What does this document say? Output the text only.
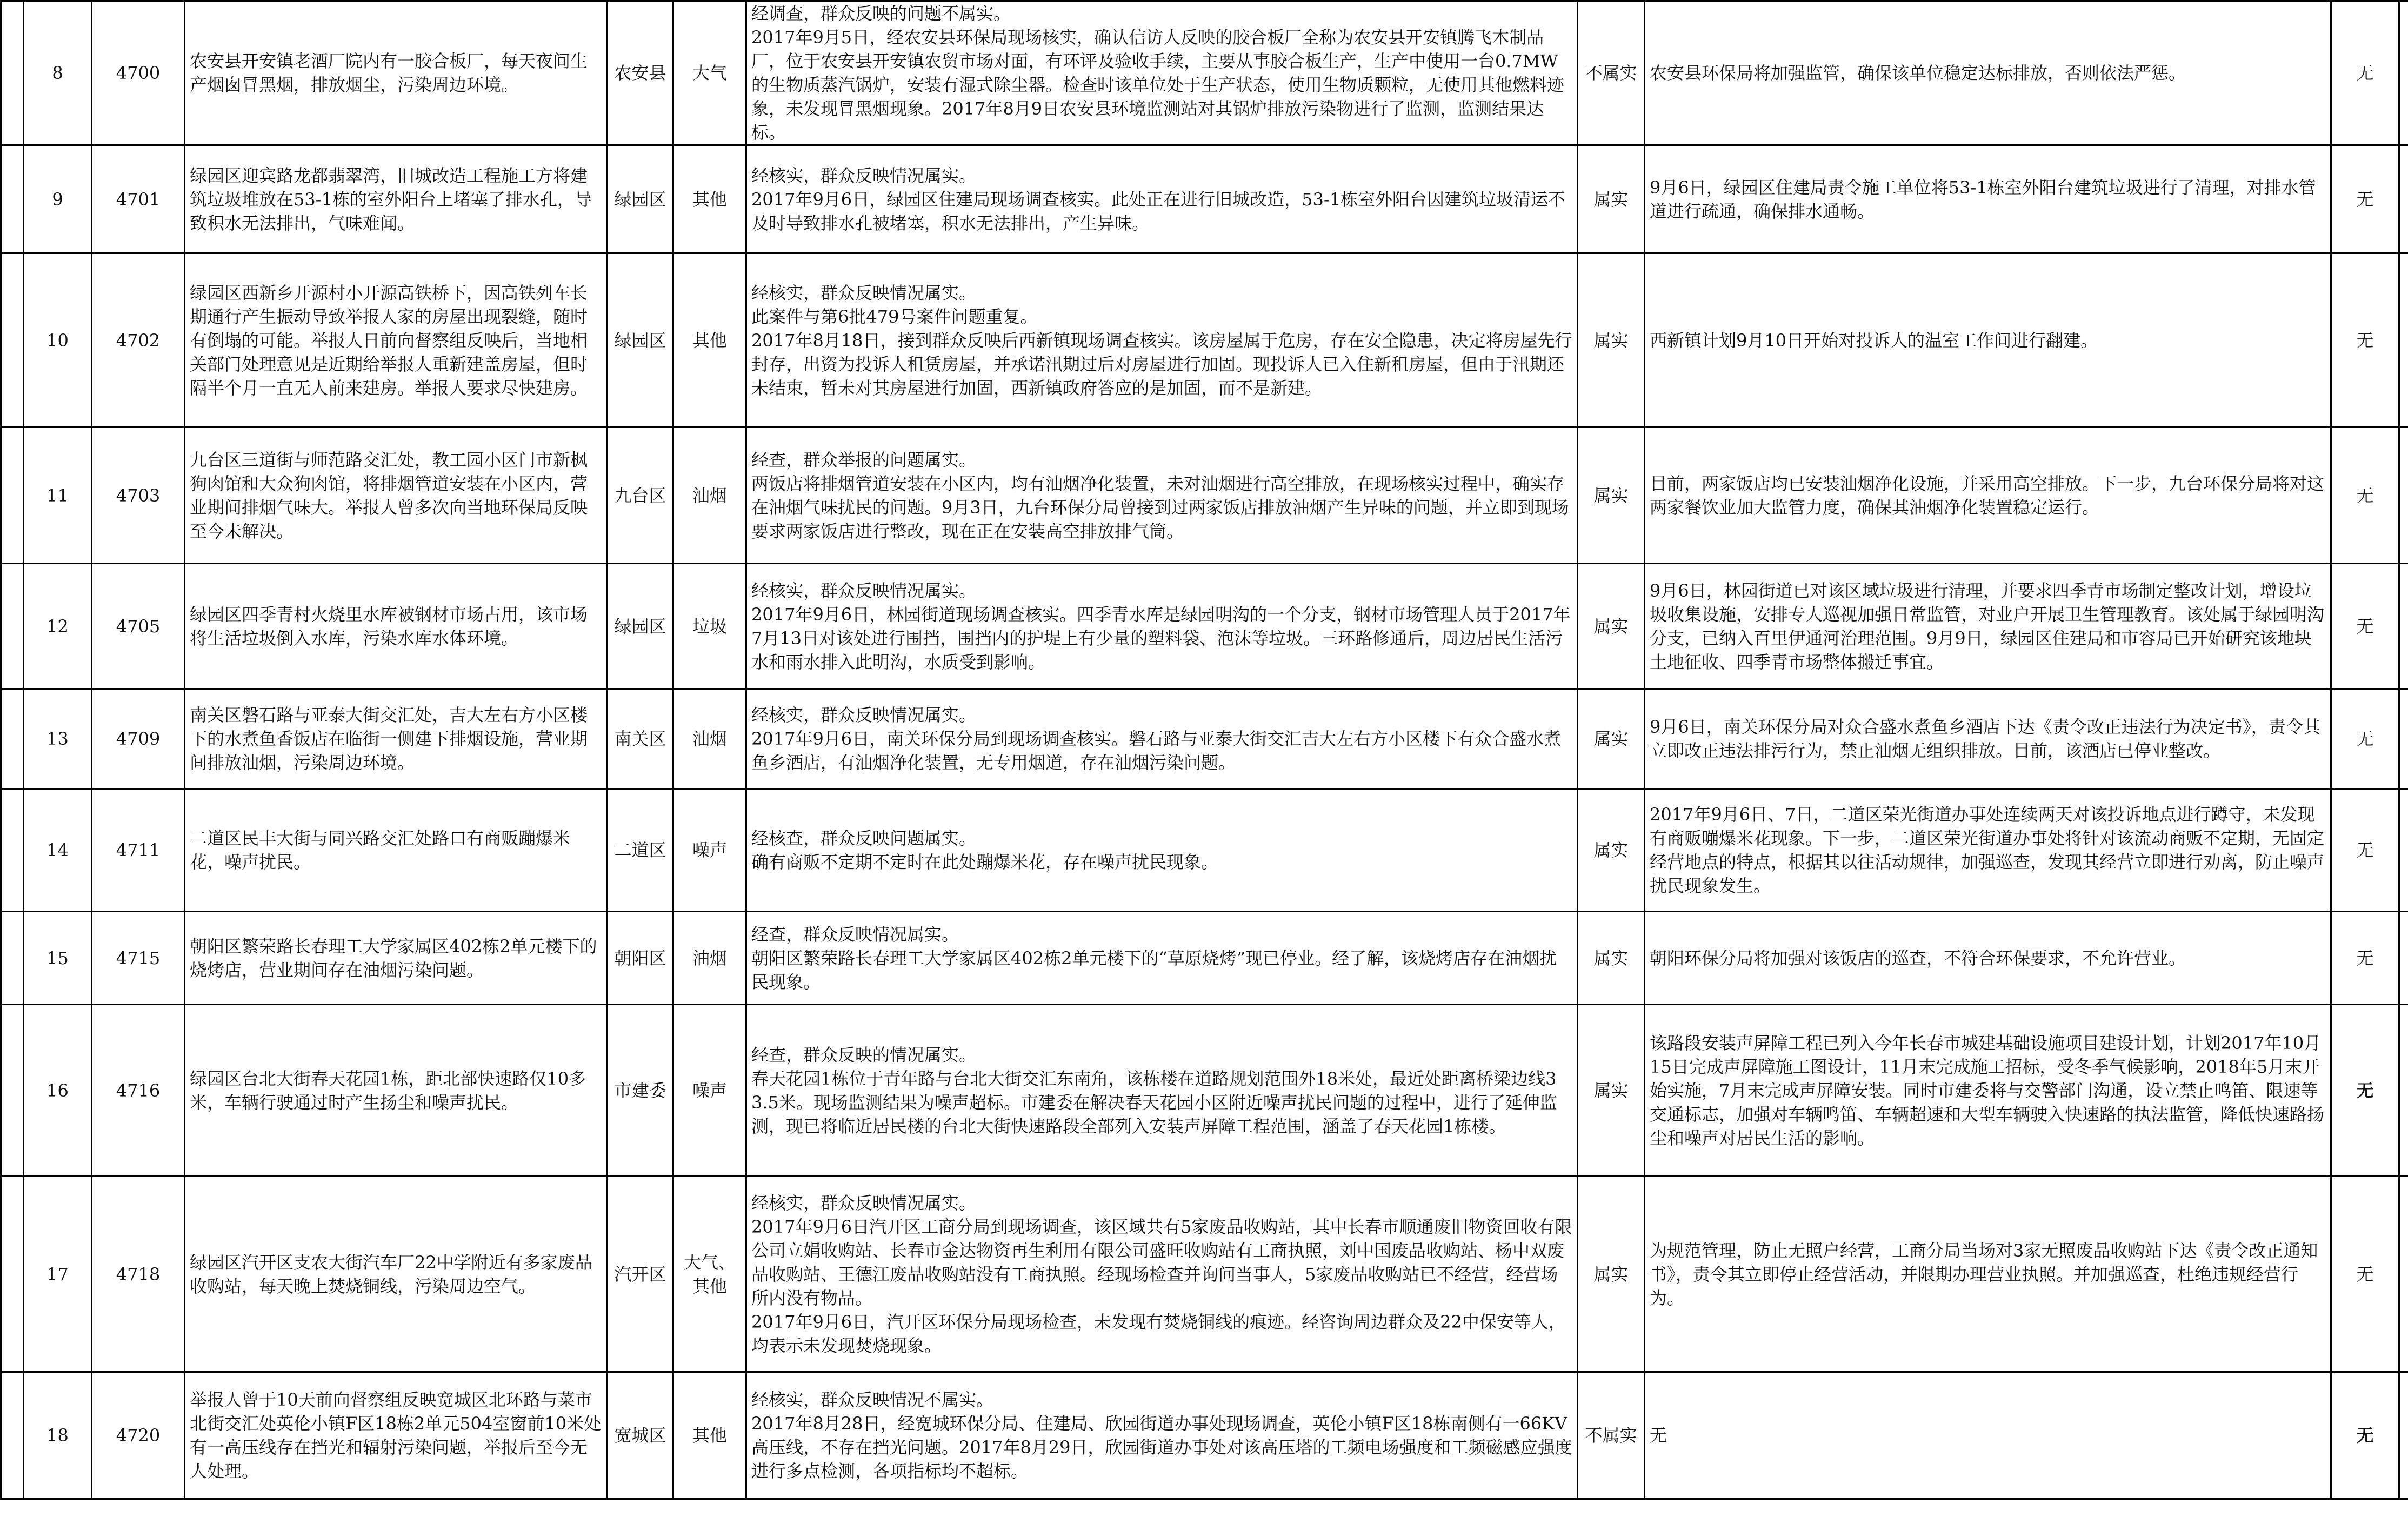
	8	4700	农安县开安镇老酒厂院内有一胶合板厂，每天夜间生产烟囱冒黑烟，排放烟尘，污染周边环境。	农安县	大气	经调查，群众反映的问题不属实。
2017年9月5日，经农安县环保局现场核实，确认信访人反映的胶合板厂全称为农安县开安镇腾飞木制品厂，位于农安县开安镇农贸市场对面，有环评及验收手续，主要从事胶合板生产，生产中使用一台0.7MW的生物质蒸汽锅炉，安装有湿式除尘器。检查时该单位处于生产状态，使用生物质颗粒，无使用其他燃料迹象，未发现冒黑烟现象。2017年8月9日农安县环境监测站对其锅炉排放污染物进行了监测，监测结果达标。	不属实	农安县环保局将加强监管，确保该单位稳定达标排放，否则依法严惩。	无	
	9	4701	绿园区迎宾路龙都翡翠湾，旧城改造工程施工方将建筑垃圾堆放在53-1栋的室外阳台上堵塞了排水孔，导致积水无法排出，气味难闻。	绿园区	其他	经核实，群众反映情况属实。
2017年9月6日，绿园区住建局现场调查核实。此处正在进行旧城改造，53-1栋室外阳台因建筑垃圾清运不及时导致排水孔被堵塞，积水无法排出，产生异味。	属实	9月6日，绿园区住建局责令施工单位将53-1栋室外阳台建筑垃圾进行了清理，对排水管道进行疏通，确保排水通畅。	无	
	10	4702	绿园区西新乡开源村小开源高铁桥下，因高铁列车长期通行产生振动导致举报人家的房屋出现裂缝，随时有倒塌的可能。举报人日前向督察组反映后，当地相关部门处理意见是近期给举报人重新建盖房屋，但时隔半个月一直无人前来建房。举报人要求尽快建房。	绿园区	其他	经核实，群众反映情况属实。
此案件与第6批479号案件问题重复。
2017年8月18日，接到群众反映后西新镇现场调查核实。该房屋属于危房，存在安全隐患，决定将房屋先行封存，出资为投诉人租赁房屋，并承诺汛期过后对房屋进行加固。现投诉人已入住新租房屋，但由于汛期还未结束，暂未对其房屋进行加固，西新镇政府答应的是加固，而不是新建。	属实	西新镇计划9月10日开始对投诉人的温室工作间进行翻建。	无	
	11	4703	九台区三道街与师范路交汇处，教工园小区门市新枫狗肉馆和大众狗肉馆，将排烟管道安装在小区内，营业期间排烟气味大。举报人曾多次向当地环保局反映至今未解决。	九台区	油烟	经查，群众举报的问题属实。
两饭店将排烟管道安装在小区内，均有油烟净化装置，未对油烟进行高空排放，在现场核实过程中，确实存在油烟气味扰民的问题。9月3日，九台环保分局曾接到过两家饭店排放油烟产生异味的问题，并立即到现场要求两家饭店进行整改，现在正在安装高空排放排气筒。	属实	目前，两家饭店均已安装油烟净化设施，并采用高空排放。下一步，九台环保分局将对这两家餐饮业加大监管力度，确保其油烟净化装置稳定运行。	无	
	12	4705	绿园区四季青村火烧里水库被钢材市场占用，该市场将生活垃圾倒入水库，污染水库水体环境。	绿园区	垃圾	经核实，群众反映情况属实。
2017年9月6日，林园街道现场调查核实。四季青水库是绿园明沟的一个分支，钢材市场管理人员于2017年7月13日对该处进行围挡，围挡内的护堤上有少量的塑料袋、泡沫等垃圾。三环路修通后，周边居民生活污水和雨水排入此明沟，水质受到影响。	属实	9月6日，林园街道已对该区域垃圾进行清理，并要求四季青市场制定整改计划，增设垃圾收集设施，安排专人巡视加强日常监管，对业户开展卫生管理教育。该处属于绿园明沟分支，已纳入百里伊通河治理范围。9月9日，绿园区住建局和市容局已开始研究该地块土地征收、四季青市场整体搬迁事宜。	无	
	13	4709	南关区磐石路与亚泰大街交汇处，吉大左右方小区楼下的水煮鱼香饭店在临街一侧建下排烟设施，营业期间排放油烟，污染周边环境。	南关区	油烟	经核实，群众反映情况属实。
2017年9月6日，南关环保分局到现场调查核实。磐石路与亚泰大街交汇吉大左右方小区楼下有众合盛水煮鱼乡酒店，有油烟净化装置，无专用烟道，存在油烟污染问题。	属实	9月6日，南关环保分局对众合盛水煮鱼乡酒店下达《责令改正违法行为决定书》，责令其立即改正违法排污行为，禁止油烟无组织排放。目前，该酒店已停业整改。	无	
	14	4711	二道区民丰大街与同兴路交汇处路口有商贩蹦爆米花，噪声扰民。	二道区	噪声	经核查，群众反映问题属实。
确有商贩不定期不定时在此处蹦爆米花，存在噪声扰民现象。	属实	2017年9月6日、7日，二道区荣光街道办事处连续两天对该投诉地点进行蹲守，未发现有商贩嘣爆米花现象。下一步，二道区荣光街道办事处将针对该流动商贩不定期，无固定经营地点的特点，根据其以往活动规律，加强巡查，发现其经营立即进行劝离，防止噪声扰民现象发生。	无	
	15	4715	朝阳区繁荣路长春理工大学家属区402栋2单元楼下的烧烤店，营业期间存在油烟污染问题。	朝阳区	油烟	经查，群众反映情况属实。
朝阳区繁荣路长春理工大学家属区402栋2单元楼下的“草原烧烤”现已停业。经了解，该烧烤店存在油烟扰民现象。	属实	朝阳环保分局将加强对该饭店的巡查，不符合环保要求，不允许营业。	无	
	16	4716	绿园区台北大街春天花园1栋，距北部快速路仅10多米，车辆行驶通过时产生扬尘和噪声扰民。	市建委	噪声	经查，群众反映的情况属实。
春天花园1栋位于青年路与台北大街交汇东南角，该栋楼在道路规划范围外18米处，最近处距离桥梁边线33.5米。现场监测结果为噪声超标。市建委在解决春天花园小区附近噪声扰民问题的过程中，进行了延伸监测，现已将临近居民楼的台北大街快速路段全部列入安装声屏障工程范围，涵盖了春天花园1栋楼。	属实	该路段安装声屏障工程已列入今年长春市城建基础设施项目建设计划，计划2017年10月15日完成声屏障施工图设计，11月末完成施工招标，受冬季气候影响，2018年5月末开始实施，7月末完成声屏障安装。同时市建委将与交警部门沟通，设立禁止鸣笛、限速等交通标志，加强对车辆鸣笛、车辆超速和大型车辆驶入快速路的执法监管，降低快速路扬尘和噪声对居民生活的影响。	无	
	17	4718	绿园区汽开区支农大街汽车厂22中学附近有多家废品收购站，每天晚上焚烧铜线，污染周边空气。	汽开区	大气、其他	经核实，群众反映情况属实。
2017年9月6日汽开区工商分局到现场调查，该区域共有5家废品收购站，其中长春市顺通废旧物资回收有限公司立娟收购站、长春市金达物资再生利用有限公司盛旺收购站有工商执照，刘中国废品收购站、杨中双废品收购站、王德江废品收购站没有工商执照。经现场检查并询问当事人，5家废品收购站已不经营，经营场所内没有物品。
2017年9月6日，汽开区环保分局现场检查，未发现有焚烧铜线的痕迹。经咨询周边群众及22中保安等人，均表示未发现焚烧现象。	属实	为规范管理，防止无照户经营，工商分局当场对3家无照废品收购站下达《责令改正通知书》，责令其立即停止经营活动，并限期办理营业执照。并加强巡查，杜绝违规经营行为。	无	
	18	4720	举报人曾于10天前向督察组反映宽城区北环路与菜市北街交汇处英伦小镇F区18栋2单元504室窗前10米处有一高压线存在挡光和辐射污染问题，举报后至今无人处理。	宽城区	其他	经核实，群众反映情况不属实。
2017年8月28日，经宽城环保分局、住建局、欣园街道办事处现场调查，英伦小镇F区18栋南侧有一66KV高压线，不存在挡光问题。2017年8月29日，欣园街道办事处对该高压塔的工频电场强度和工频磁感应强度进行多点检测，各项指标均不超标。	不属实	无	无	
